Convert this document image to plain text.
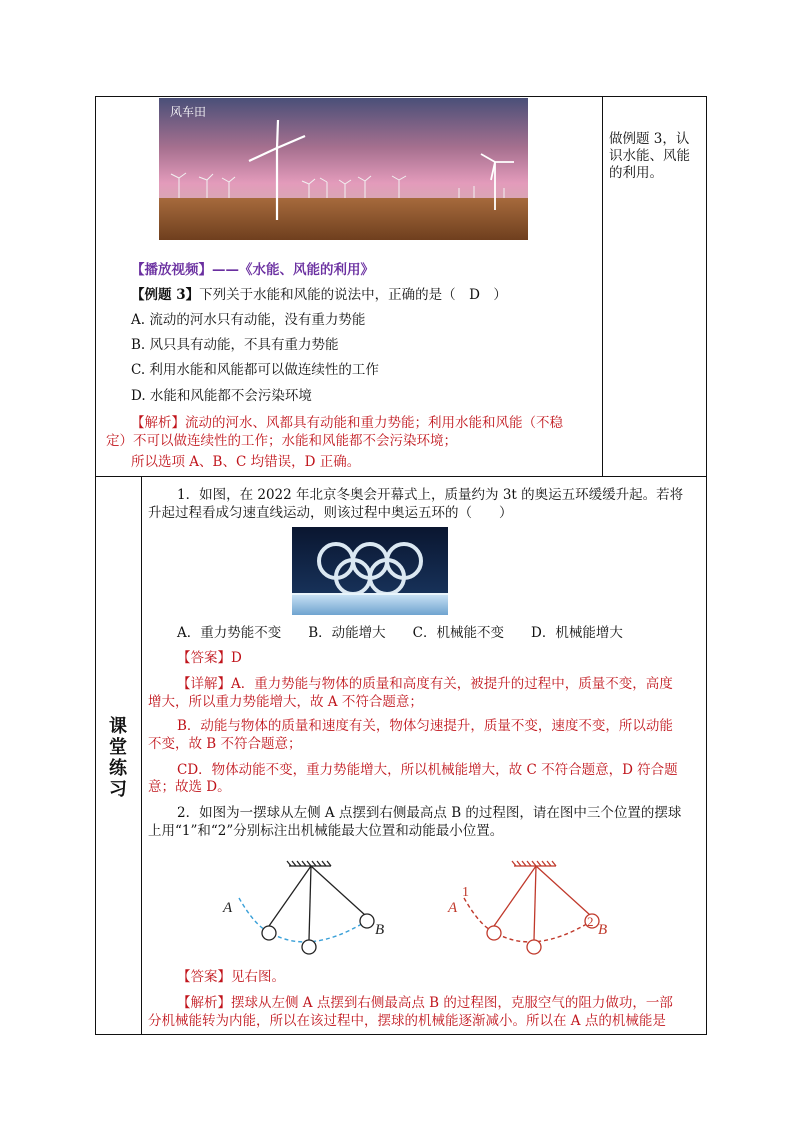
风车田
做例题 3，认
识水能、风能
的利用。
【播放视频】——《水能、风能的利用》
【例题 3】下列关于水能和风能的说法中，正确的是（　D　）
A. 流动的河水只有动能，没有重力势能
B. 风只具有动能，不具有重力势能
C. 利用水能和风能都可以做连续性的工作
D. 水能和风能都不会污染环境
【解析】流动的河水、风都具有动能和重力势能；利用水能和风能（不稳
定）不可以做连续性的工作；水能和风能都不会污染环境；
所以选项 A、B、C 均错误，D 正确。
课
堂
练
习
1．如图，在 2022 年北京冬奥会开幕式上，质量约为 3t 的奥运五环缓缓升起。若将
升起过程看成匀速直线运动，则该过程中奥运五环的（　　）
A．重力势能不变　　B．动能增大　　C．机械能不变　　D．机械能增大
【答案】D
【详解】A．重力势能与物体的质量和高度有关，被提升的过程中，质量不变，高度
增大，所以重力势能增大，故 A 不符合题意；
B．动能与物体的质量和速度有关，物体匀速提升，质量不变，速度不变，所以动能
不变，故 B 不符合题意；
CD．物体动能不变，重力势能增大，所以机械能增大，故 C 不符合题意，D 符合题
意；故选 D。
2．如图为一摆球从左侧 A 点摆到右侧最高点 B 的过程图，请在图中三个位置的摆球
上用“1”和“2”分别标注出机械能最大位置和动能最小位置。
A
B
A
1
2
B
【答案】见右图。
【解析】摆球从左侧 A 点摆到右侧最高点 B 的过程图，克服空气的阻力做功，一部
分机械能转为内能，所以在该过程中，摆球的机械能逐渐减小。所以在 A 点的机械能是
